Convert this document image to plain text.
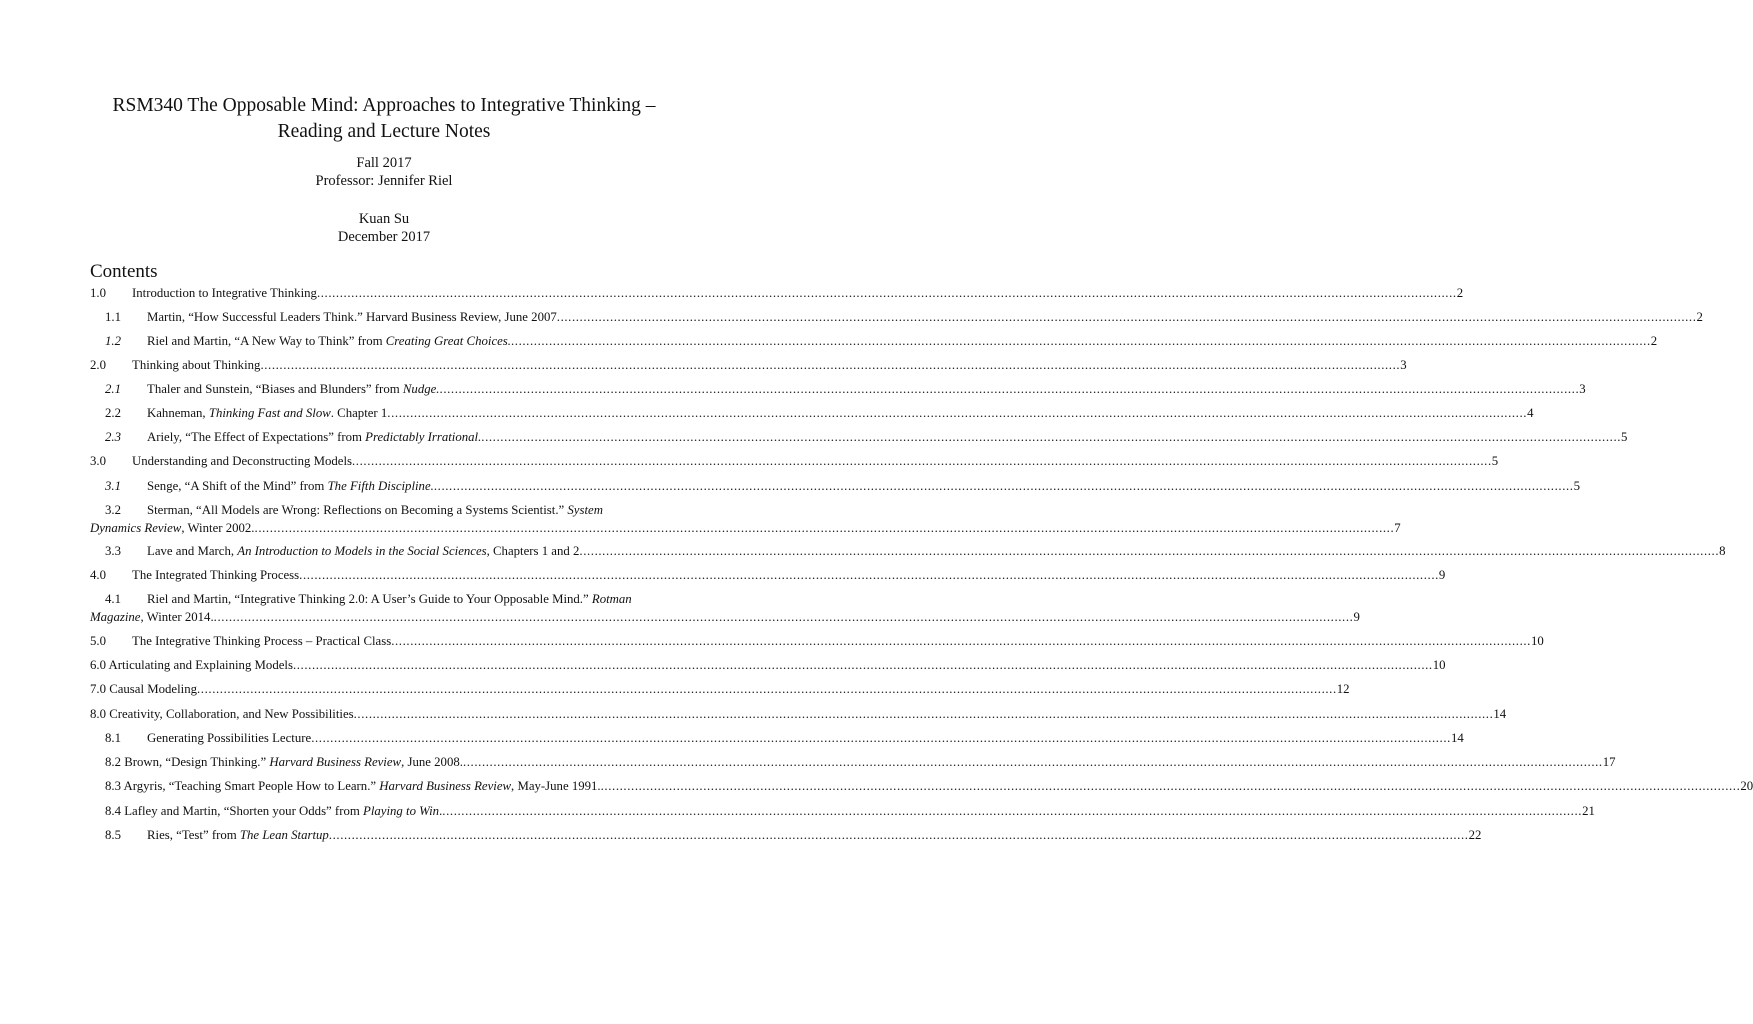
RSM340 The Opposable Mind: Approaches to Integrative Thinking –
Reading and Lecture Notes
Fall 2017
Professor: Jennifer Riel
Kuan Su
December 2017
Contents
1.0	Introduction to Integrative Thinking ............................................................................................................................................................................................................................................................................................................ 2
1.1	Martin, “How Successful Leaders Think.” Harvard Business Review, June 2007 ............................................................................................................................................................................................................................................................................................................ 2
1.2	Riel and Martin, “A New Way to Think” from Creating Great Choices. ............................................................................................................................................................................................................................................................................................................ 2
2.0	Thinking about Thinking ............................................................................................................................................................................................................................................................................................................ 3
2.1	Thaler and Sunstein, “Biases and Blunders” from Nudge. ............................................................................................................................................................................................................................................................................................................ 3
2.2	Kahneman, Thinking Fast and Slow. Chapter 1 ............................................................................................................................................................................................................................................................................................................ 4
2.3	Ariely, “The Effect of Expectations” from Predictably Irrational. ............................................................................................................................................................................................................................................................................................................ 5
3.0	Understanding and Deconstructing Models ............................................................................................................................................................................................................................................................................................................ 5
3.1	Senge, “A Shift of the Mind” from The Fifth Discipline. ............................................................................................................................................................................................................................................................................................................ 5
3.2	Sterman, “All Models are Wrong: Reflections on Becoming a Systems Scientist.” System
Dynamics Review, Winter 2002. ............................................................................................................................................................................................................................................................................................................ 7
3.3	Lave and March, An Introduction to Models in the Social Sciences, Chapters 1 and 2 ............................................................................................................................................................................................................................................................................................................ 8
4.0	The Integrated Thinking Process ............................................................................................................................................................................................................................................................................................................ 9
4.1	Riel and Martin, “Integrative Thinking 2.0: A User’s Guide to Your Opposable Mind.” Rotman
Magazine, Winter 2014. ............................................................................................................................................................................................................................................................................................................ 9
5.0	The Integrative Thinking Process – Practical Class ............................................................................................................................................................................................................................................................................................................ 10
6.0 Articulating and Explaining Models ............................................................................................................................................................................................................................................................................................................ 10
7.0 Causal Modeling ............................................................................................................................................................................................................................................................................................................ 12
8.0 Creativity, Collaboration, and New Possibilities ............................................................................................................................................................................................................................................................................................................ 14
8.1	Generating Possibilities Lecture ............................................................................................................................................................................................................................................................................................................ 14
8.2 Brown, “Design Thinking.” Harvard Business Review, June 2008. ............................................................................................................................................................................................................................................................................................................ 17
8.3 Argyris, “Teaching Smart People How to Learn.” Harvard Business Review, May-June 1991. ............................................................................................................................................................................................................................................................................................................ 20
8.4 Lafley and Martin, “Shorten your Odds” from Playing to Win. ............................................................................................................................................................................................................................................................................................................ 21
8.5	Ries, “Test” from The Lean Startup ............................................................................................................................................................................................................................................................................................................ 22
